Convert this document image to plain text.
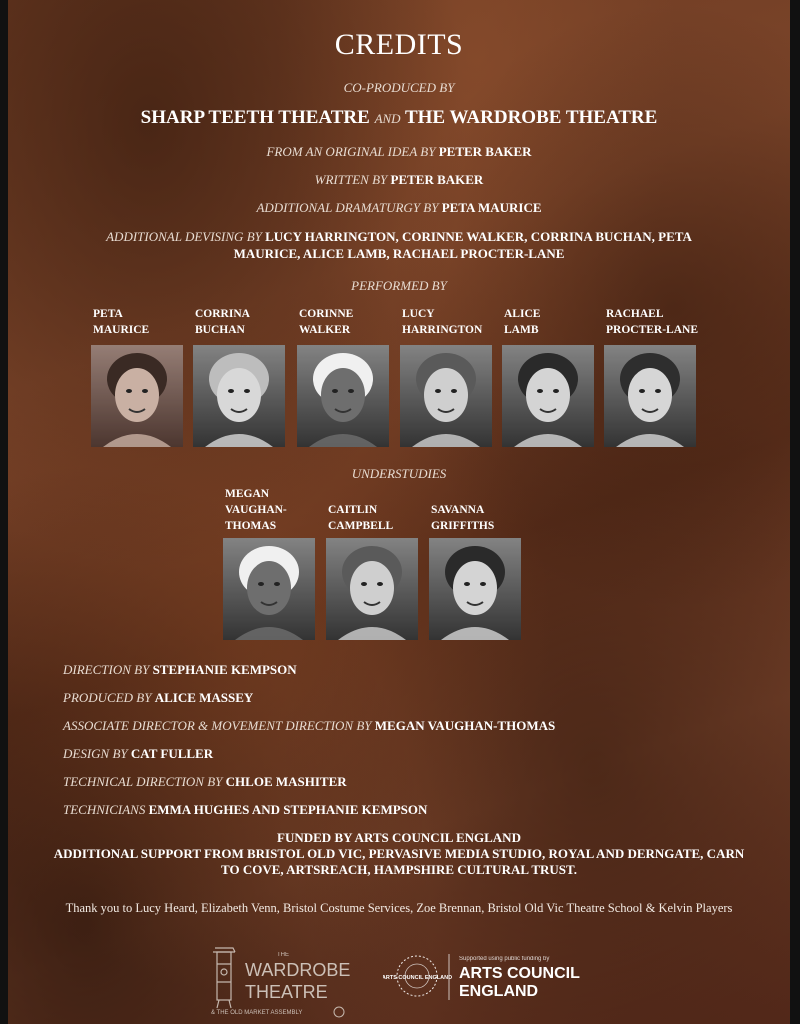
CREDITS
CO-PRODUCED BY
SHARP TEETH THEATRE AND THE WARDROBE THEATRE
FROM AN ORIGINAL IDEA BY PETER BAKER
WRITTEN BY PETER BAKER
ADDITIONAL DRAMATURGY BY PETA MAURICE
ADDITIONAL DEVISING BY LUCY HARRINGTON, CORINNE WALKER, CORRINA BUCHAN, PETA MAURICE, ALICE LAMB, RACHAEL PROCTER-LANE
PERFORMED BY
PETA
MAURICE
CORRINA
BUCHAN
CORINNE
WALKER
LUCY
HARRINGTON
ALICE
LAMB
RACHAEL
PROCTER-LANE
UNDERSTUDIES
MEGAN
VAUGHAN-
THOMAS
CAITLIN
CAMPBELL
SAVANNA
GRIFFITHS
DIRECTION BY STEPHANIE KEMPSON
PRODUCED BY ALICE MASSEY
ASSOCIATE DIRECTOR & MOVEMENT DIRECTION BY MEGAN VAUGHAN-THOMAS
DESIGN BY CAT FULLER
TECHNICAL DIRECTION BY CHLOE MASHITER
TECHNICIANS EMMA HUGHES AND STEPHANIE KEMPSON
FUNDED BY ARTS COUNCIL ENGLAND
ADDITIONAL SUPPORT FROM BRISTOL OLD VIC, PERVASIVE MEDIA STUDIO, ROYAL AND DERNGATE, CARN TO COVE, ARTSREACH, HAMPSHIRE CULTURAL TRUST.
Thank you to Lucy Heard, Elizabeth Venn, Bristol Costume Services, Zoe Brennan, Bristol Old Vic Theatre School & Kelvin Players
THE
WARDROBE
THEATRE
& THE OLD MARKET ASSEMBLY
ARTS COUNCIL ENGLAND
Supported using public funding by
ARTS COUNCIL
ENGLAND
